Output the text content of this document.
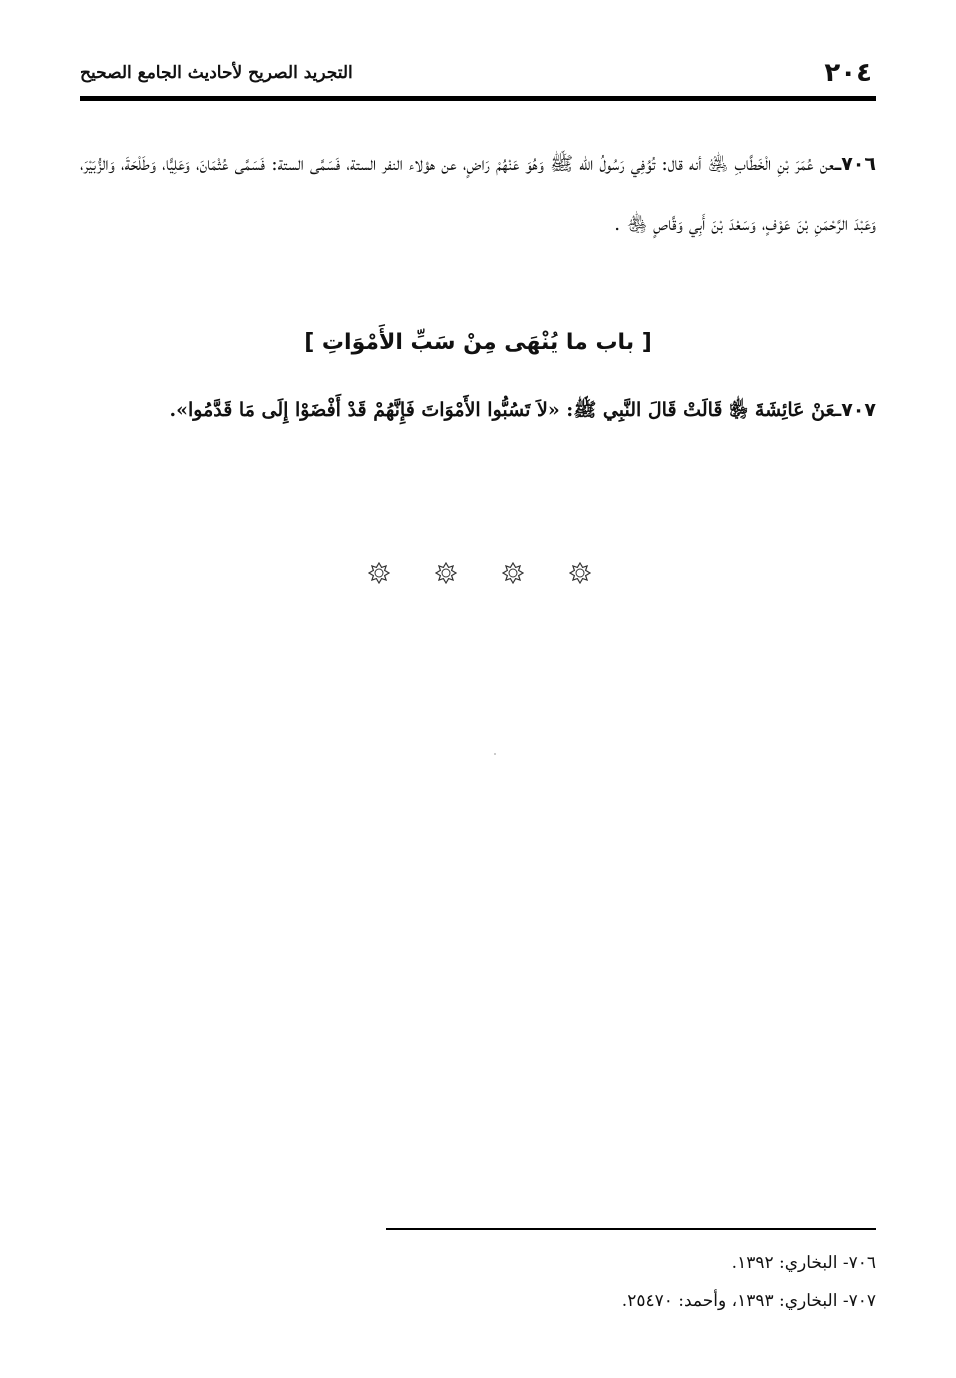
٢٠٤
التجريد الصريح لأحاديث الجامع الصحيح
٧٠٦ـعن عُمَرَ بْنِ الْخَطَّابِ ﵁ أنه قال: تُوُفِي رَسُولُ الله ﷺ وَهُوَ عَنْهُمْ رَاضٍ، عن هؤلاء النفر الستة، فَسَمَّى الستة: فَسَمَّى عُثْمَانَ، وَعَلِيًّا، وَطَلْحَةَ، وَالزُّبَيْرَ، وَعَبْدَ الرَّحْمَنِ بْنَ عَوْفٍ، وَسَعْدَ بْنَ أَبِي وَقَّاصٍ ﵃ .
[ باب ما يُنْهَى مِنْ سَبِّ الأَمْوَاتِ ]
٧٠٧ـعَنْ عَائِشَةَ ﵂ قَالَتْ قَالَ النَّبِي ﷺ: «لاَ تَسُبُّوا الأَمْوَاتَ فَإِنَّهُمْ قَدْ أَفْضَوْا إِلَى مَا قَدَّمُوا».
٧٠٦- البخاري: ١٣٩٢.
٧٠٧- البخاري: ١٣٩٣، وأحمد: ٢٥٤٧٠.
